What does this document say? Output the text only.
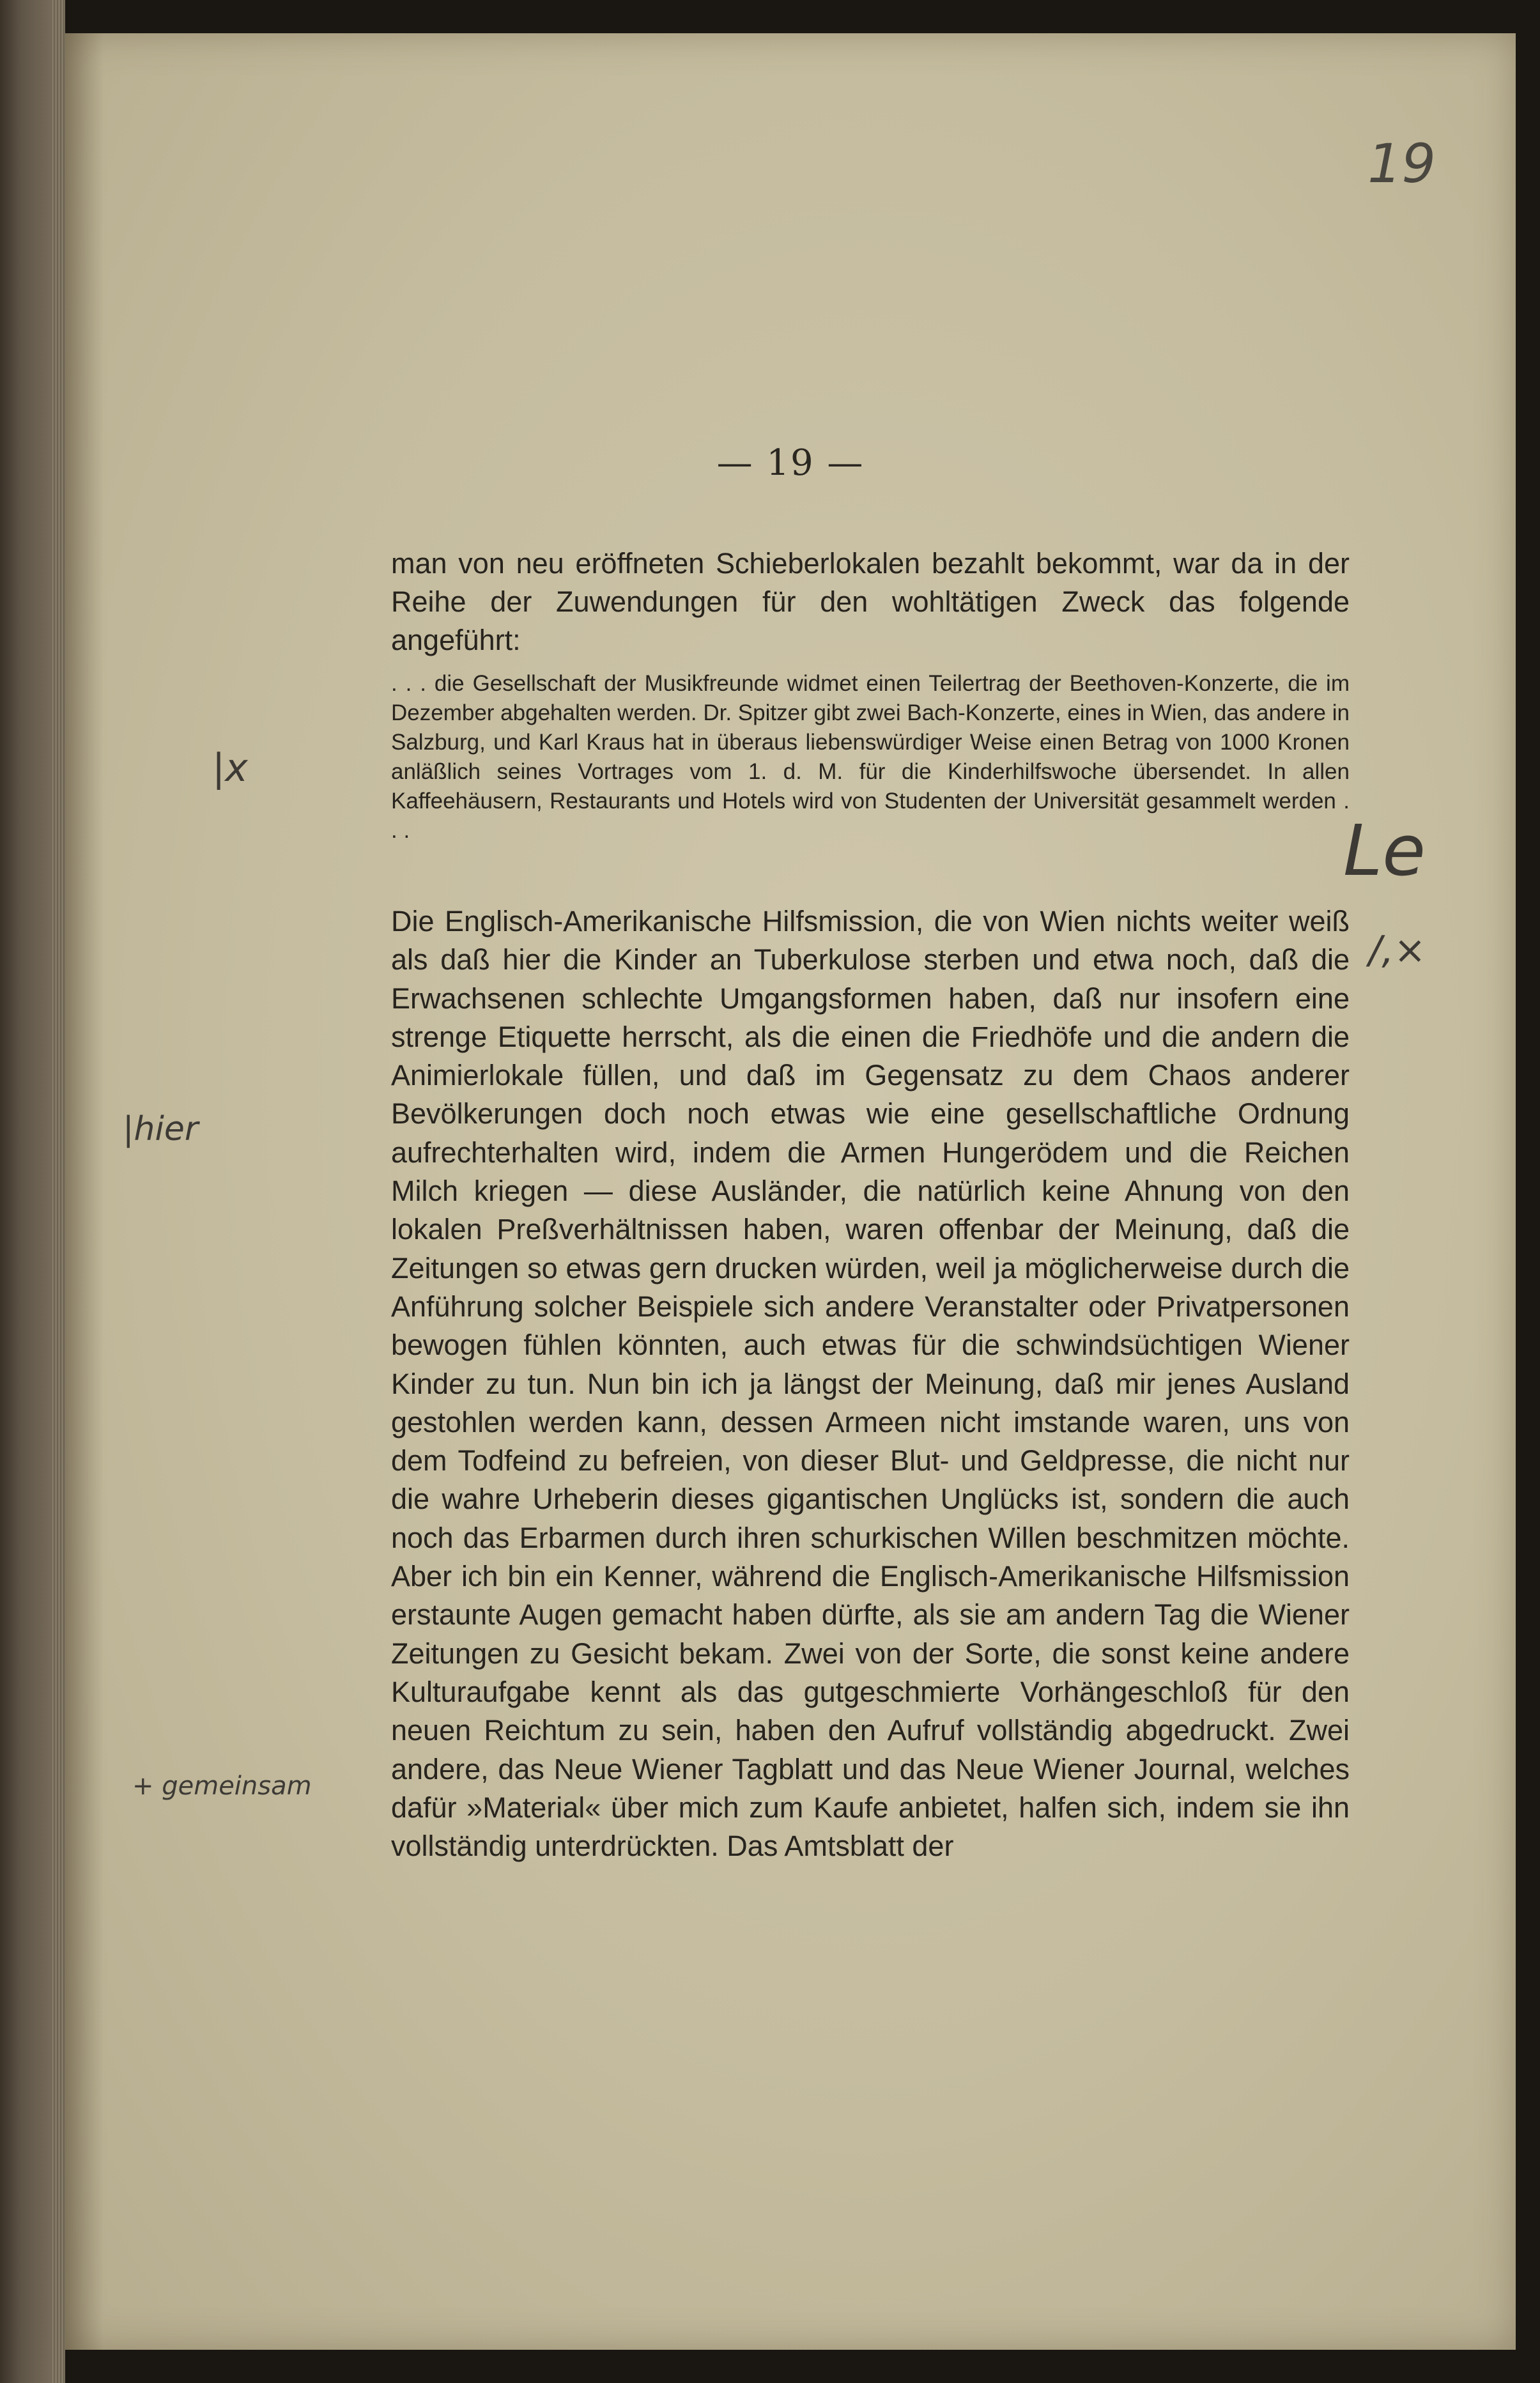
19
— 19 —

man von neu eröffneten Schieberlokalen bezahlt bekommt, war da in der Reihe der Zuwendungen für den wohltätigen Zweck das folgende angeführt:

. . . die Gesellschaft der Musikfreunde widmet einen Teilertrag der Beethoven-Konzerte, die im Dezember abgehalten werden. Dr. Spitzer gibt zwei Bach-Konzerte, eines in Wien, das andere in Salzburg, und Karl Kraus hat in überaus liebenswürdiger Weise einen Betrag von 1000 Kronen anläßlich seines Vortrages vom 1. d. M. für die Kinderhilfswoche übersendet. In allen Kaffeehäusern, Restaurants und Hotels wird von Studenten der Universität gesammelt werden . . .

Die Englisch-Amerikanische Hilfsmission, die von Wien nichts weiter weiß als daß hier die Kinder an Tuberkulose sterben und etwa noch, daß die Erwachsenen schlechte Umgangsformen haben, daß nur insofern eine strenge Etiquette herrscht, als die einen die Friedhöfe und die andern die Animierlokale füllen, und daß im Gegensatz zu dem Chaos anderer Bevölkerungen doch noch etwas wie eine gesellschaftliche Ordnung aufrechterhalten wird, indem die Armen Hungerödem und die Reichen Milch kriegen — diese Ausländer, die natürlich keine Ahnung von den lokalen Preßverhältnissen haben, waren offenbar der Meinung, daß die Zeitungen so etwas gern drucken würden, weil ja möglicherweise durch die Anführung solcher Beispiele sich andere Veranstalter oder Privatpersonen bewogen fühlen könnten, auch etwas für die schwindsüchtigen Wiener Kinder zu tun. Nun bin ich ja längst der Meinung, daß mir jenes Ausland gestohlen werden kann, dessen Armeen nicht imstande waren, uns von dem Todfeind zu befreien, von dieser Blut- und Geldpresse, die nicht nur die wahre Urheberin dieses gigantischen Unglücks ist, sondern die auch noch das Erbarmen durch ihren schurkischen Willen beschmitzen möchte. Aber ich bin ein Kenner, während die Englisch-Amerikanische Hilfsmission erstaunte Augen gemacht haben dürfte, als sie am andern Tag die Wiener Zeitungen zu Gesicht bekam. Zwei von der Sorte, die sonst keine andere Kulturaufgabe kennt als das gutgeschmierte Vorhängeschloß für den neuen Reichtum zu sein, haben den Aufruf vollständig abgedruckt. Zwei andere, das Neue Wiener Tagblatt und das Neue Wiener Journal, welches dafür »Material« über mich zum Kaufe anbietet, halfen sich, indem sie ihn vollständig unterdrückten. Das Amtsblatt der

|x
|hier
+ gemeinsam
Le
/,×
